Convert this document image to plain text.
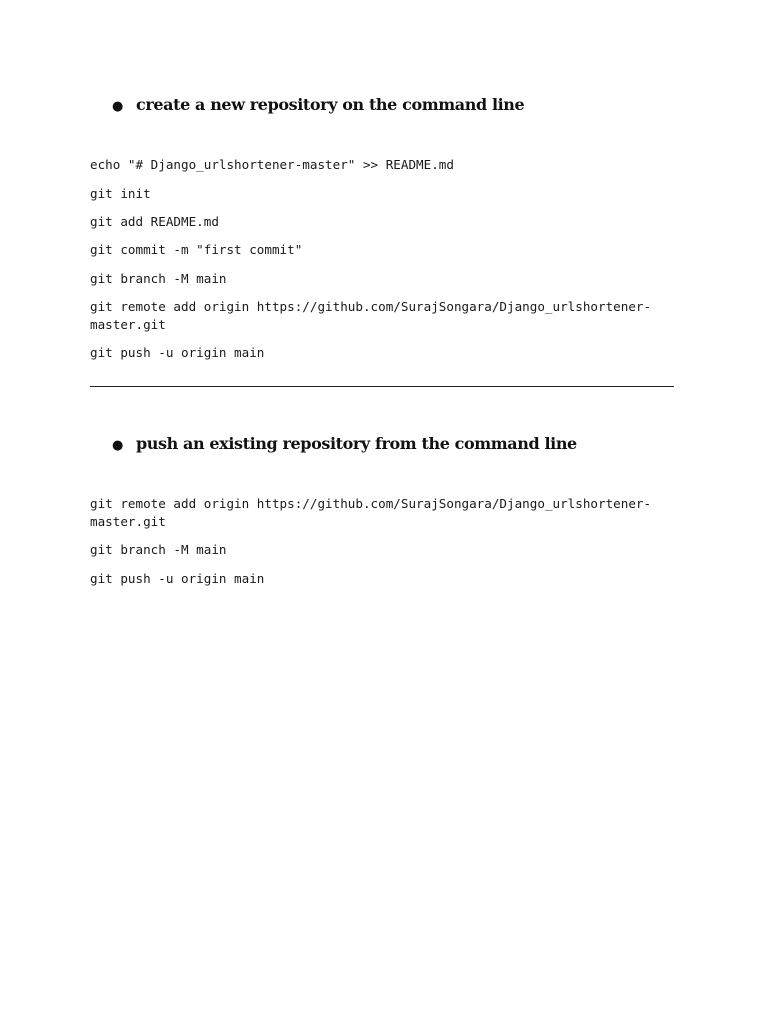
● create a new repository on the command line
echo "# Django_urlshortener-master" >> README.md
git init
git add README.md
git commit -m "first commit"
git branch -M main
git remote add origin https://github.com/SurajSongara/Django_urlshortener-
master.git
git push -u origin main
● push an existing repository from the command line
git remote add origin https://github.com/SurajSongara/Django_urlshortener-
master.git
git branch -M main
git push -u origin main
